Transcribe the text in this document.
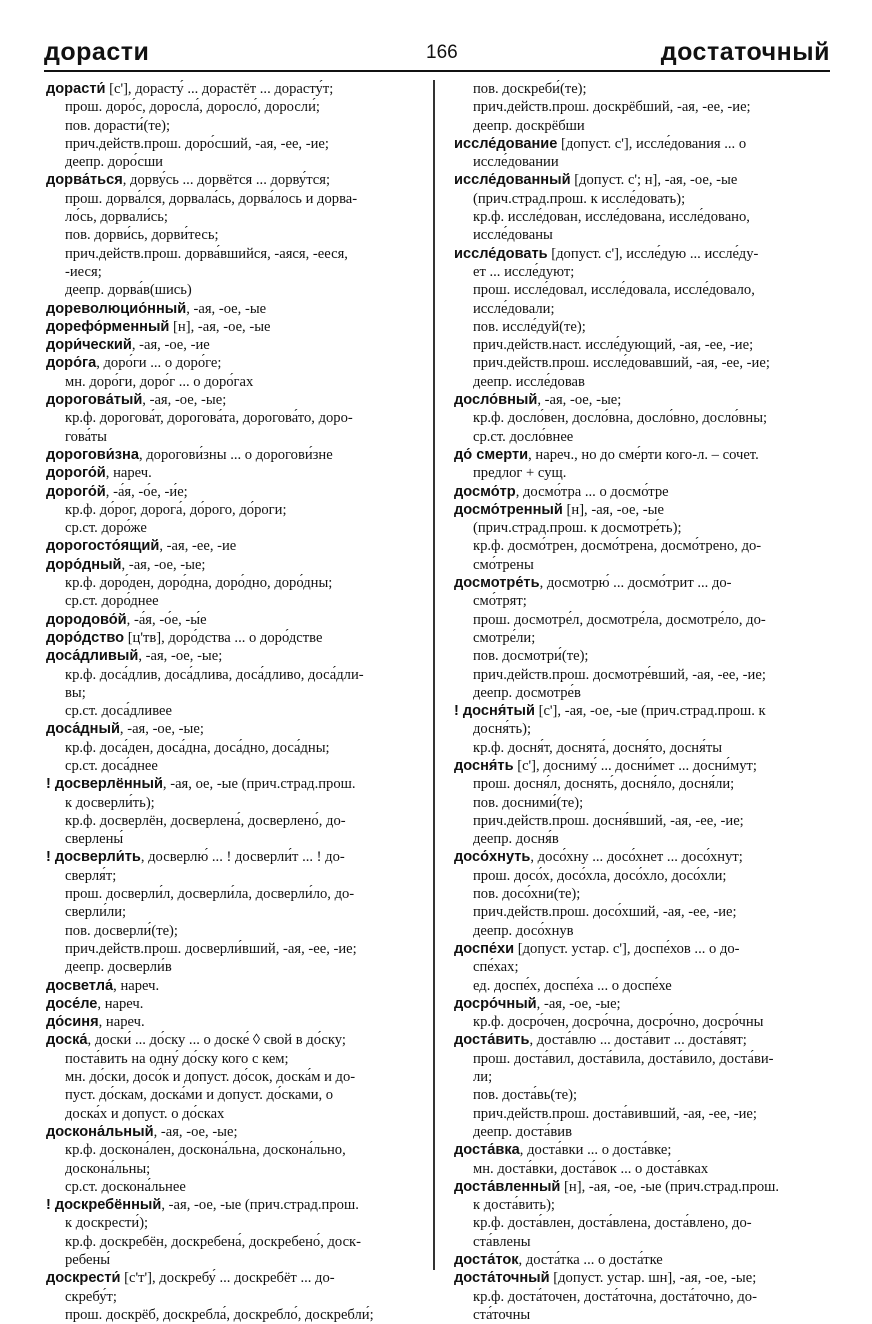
дорасти	166	достаточный
дорасти́ [с'], дорасту́ ... дорастёт ... дорасту́т;
прош. доро́с, доросла́, доросло́, доросли́;
пов. дорасти́(те);
прич.действ.прош. доро́сший, -ая, -ее, -ие;
деепр. доро́сши
дорва́ться, дорву́сь ... дорвётся ... дорву́тся;
прош. дорва́лся, дорвала́сь, дорва́лось и дорва-
ло́сь, дорвали́сь;
пов. дорви́сь, дорви́тесь;
прич.действ.прош. дорва́вшийся, -аяся, -ееся,
-иеся;
деепр. дорва́в(шись)
дореволюцио́нный, -ая, -ое, -ые
дорефо́рменный [н], -ая, -ое, -ые
дори́ческий, -ая, -ое, -ие
доро́га, доро́ги ... о доро́ге;
мн. доро́ги, доро́г ... о доро́гах
дорогова́тый, -ая, -ое, -ые;
кр.ф. дорогова́т, дорогова́та, дорогова́то, доро-
гова́ты
дорогови́зна, дорогови́зны ... о дорогови́зне
дорого́й, нареч.
дорого́й, -а́я, -о́е, -и́е;
кр.ф. до́рог, дорога́, до́рого, до́роги;
ср.ст. доро́же
дорогосто́ящий, -ая, -ее, -ие
доро́дный, -ая, -ое, -ые;
кр.ф. доро́ден, доро́дна, доро́дно, доро́дны;
ср.ст. доро́днее
дородово́й, -а́я, -о́е, -ы́е
доро́дство [ц'тв], доро́дства ... о доро́дстве
доса́дливый, -ая, -ое, -ые;
кр.ф. доса́длив, доса́длива, доса́дливо, доса́дли-
вы;
ср.ст. доса́дливее
доса́дный, -ая, -ое, -ые;
кр.ф. доса́ден, доса́дна, доса́дно, доса́дны;
ср.ст. доса́днее
! досверлённый, -ая, ое, -ые (прич.страд.прош.
к досверли́ть);
кр.ф. досверлён, досверлена́, досверлено́, до-
сверлены́
! досверли́ть, досверлю́ ... ! досверли́т ... ! до-
сверля́т;
прош. досверли́л, досверли́ла, досверли́ло, до-
сверли́ли;
пов. досверли́(те);
прич.действ.прош. досверли́вший, -ая, -ее, -ие;
деепр. досверли́в
досветла́, нареч.
досе́ле, нареч.
до́синя, нареч.
доска́, доски́ ... до́ску ... о доске́ ◊ свой в до́ску;
поста́вить на одну́ до́ску кого с кем;
мн. до́ски, досо́к и допуст. до́сок, доска́м и до-
пуст. до́скам, доска́ми и допуст. до́сками, о
доска́х и допуст. о до́сках
доскона́льный, -ая, -ое, -ые;
кр.ф. доскона́лен, доскона́льна, доскона́льно,
доскона́льны;
ср.ст. доскона́льнее
! доскребённый, -ая, -ое, -ые (прич.страд.прош.
к доскрести́);
кр.ф. доскребён, доскребена́, доскребено́, доск-
ребены́
доскрести́ [с'т'], доскребу́ ... доскребёт ... до-
скребу́т;
прош. доскрёб, доскребла́, доскребло́, доскребли́;
пов. доскреби́(те);
прич.действ.прош. доскрёбший, -ая, -ее, -ие;
деепр. доскрёбши
иссле́дование [допуст. с'], иссле́дования ... о
иссле́довании
иссле́дованный [допуст. с'; н], -ая, -ое, -ые
(прич.страд.прош. к иссле́довать);
кр.ф. иссле́дован, иссле́дована, иссле́довано,
иссле́дованы
иссле́довать [допуст. с'], иссле́дую ... иссле́ду-
ет ... иссле́дуют;
прош. иссле́довал, иссле́довала, иссле́довало,
иссле́довали;
пов. иссле́дуй(те);
прич.действ.наст. иссле́дующий, -ая, -ее, -ие;
прич.действ.прош. иссле́довавший, -ая, -ее, -ие;
деепр. иссле́довав
досло́вный, -ая, -ое, -ые;
кр.ф. досло́вен, досло́вна, досло́вно, досло́вны;
ср.ст. досло́внее
до́ смерти, нареч., но до сме́рти кого-л. – сочет.
предлог + сущ.
досмо́тр, досмо́тра ... о досмо́тре
досмо́тренный [н], -ая, -ое, -ые
(прич.страд.прош. к досмотре́ть);
кр.ф. досмо́трен, досмо́трена, досмо́трено, до-
смо́трены
досмотре́ть, досмотрю́ ... досмо́трит ... до-
смо́трят;
прош. досмотре́л, досмотре́ла, досмотре́ло, до-
смотре́ли;
пов. досмотри́(те);
прич.действ.прош. досмотре́вший, -ая, -ее, -ие;
деепр. досмотре́в
! досня́тый [с'], -ая, -ое, -ые (прич.страд.прош. к
досня́ть);
кр.ф. досня́т, доснята́, досня́то, досня́ты
досня́ть [с'], досниму́ ... досни́мет ... досни́мут;
прош. досня́л, доснять́, досня́ло, досня́ли;
пов. досними́(те);
прич.действ.прош. досня́вший, -ая, -ее, -ие;
деепр. досня́в
досо́хнуть, досо́хну ... досо́хнет ... досо́хнут;
прош. досо́х, досо́хла, досо́хло, досо́хли;
пов. досо́хни(те);
прич.действ.прош. досо́хший, -ая, -ее, -ие;
деепр. досо́хнув
доспе́хи [допуст. устар. с'], доспе́хов ... о до-
спе́хах;
ед. доспе́х, доспе́ха ... о доспе́хе
досро́чный, -ая, -ое, -ые;
кр.ф. досро́чен, досро́чна, досро́чно, досро́чны
доста́вить, доста́влю ... доста́вит ... доста́вят;
прош. доста́вил, доста́вила, доста́вило, доста́ви-
ли;
пов. доста́вь(те);
прич.действ.прош. доста́вивший, -ая, -ее, -ие;
деепр. доста́вив
доста́вка, доста́вки ... о доста́вке;
мн. доста́вки, доста́вок ... о доста́вках
доста́вленный [н], -ая, -ое, -ые (прич.страд.прош.
к доста́вить);
кр.ф. доста́влен, доста́влена, доста́влено, до-
ста́влены
доста́ток, доста́тка ... о доста́тке
доста́точный [допуст. устар. шн], -ая, -ое, -ые;
кр.ф. доста́точен, доста́точна, доста́точно, до-
ста́точны
